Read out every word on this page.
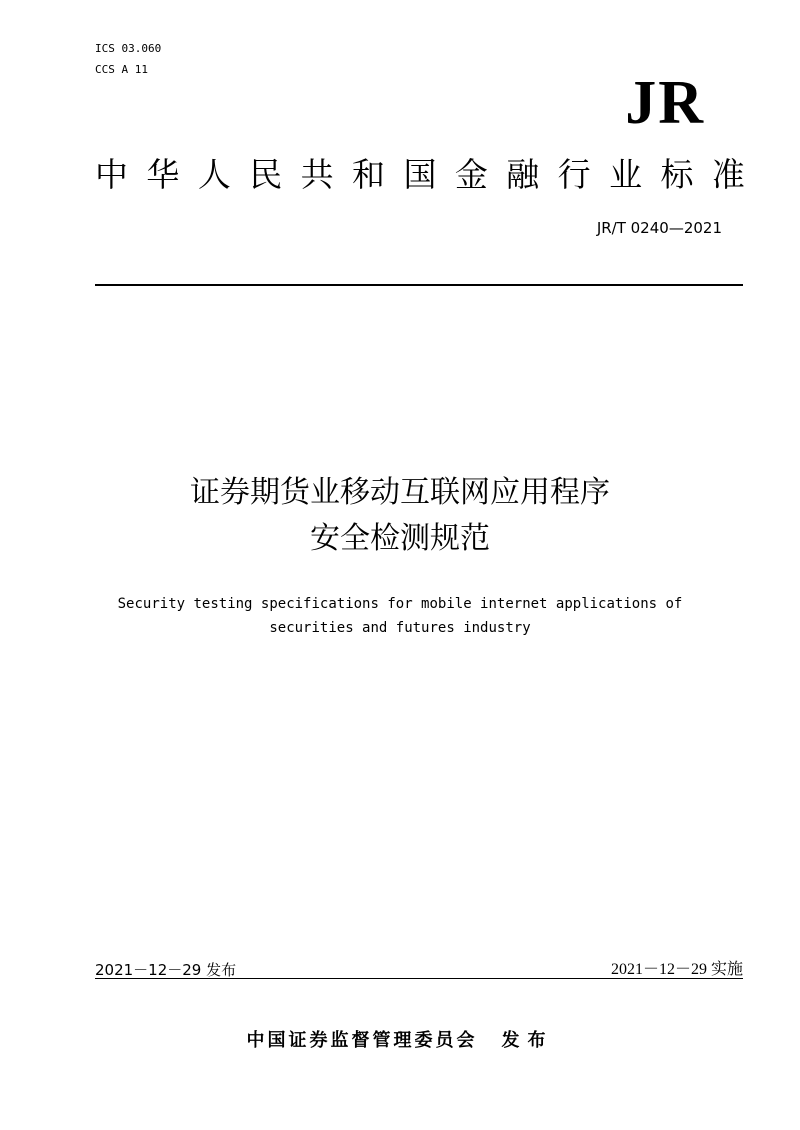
ICS 03.060
CCS A 11	JR
中 华 人 民 共 和 国 金 融 行 业 标 准
JR/T 0240—2021
证券期货业移动互联网应用程序
安全检测规范
Security testing specifications for mobile internet applications of
securities and futures industry
2021－12－29 发布	2021－12－29 实施
中国证券监督管理委员会 发布
